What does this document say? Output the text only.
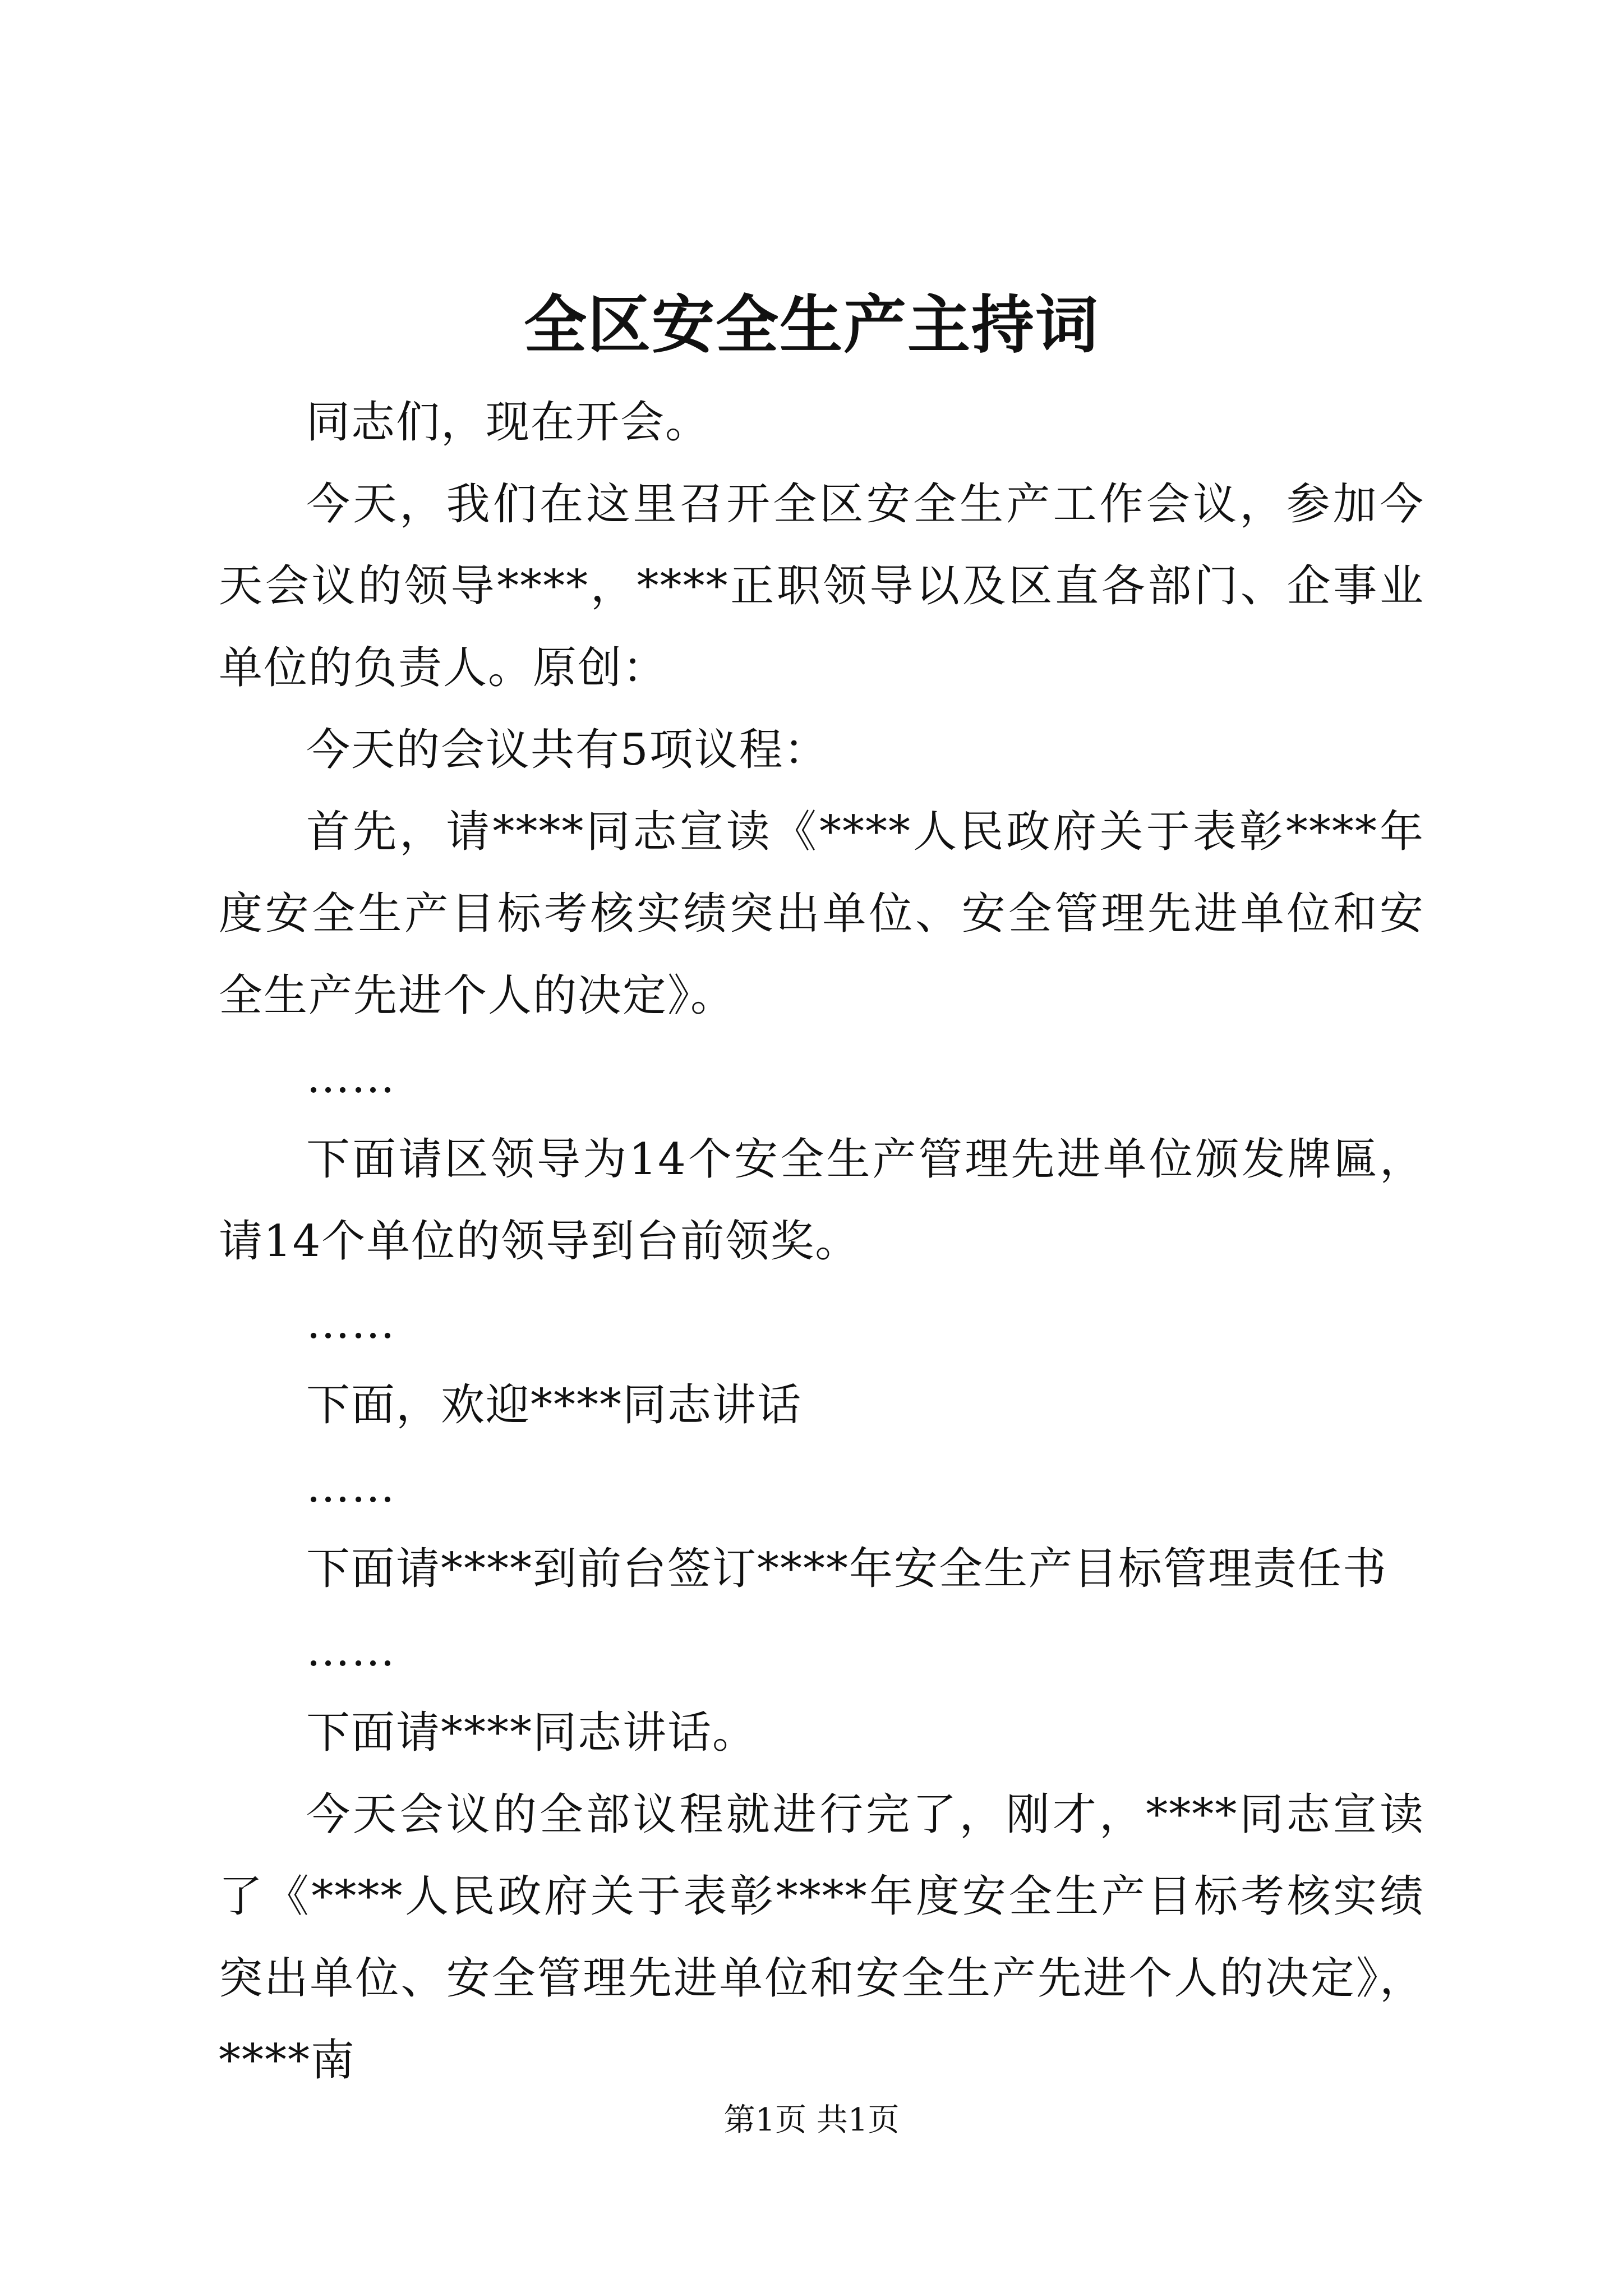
全区安全生产主持词

同志们，现在开会。

今天，我们在这里召开全区安全生产工作会议，参加今天会议的领导****，****正职领导以及区直各部门、企事业单位的负责人。原创：

今天的会议共有5项议程：

首先，请****同志宣读《****人民政府关于表彰****年度安全生产目标考核实绩突出单位、安全管理先进单位和安全生产先进个人的决定》。

……

下面请区领导为14个安全生产管理先进单位颁发牌匾，请14个单位的领导到台前领奖。

……

下面，欢迎****同志讲话

……

下面请****到前台签订****年安全生产目标管理责任书

……

下面请****同志讲话。

今天会议的全部议程就进行完了，刚才，****同志宣读了《****人民政府关于表彰****年度安全生产目标考核实绩突出单位、安全管理先进单位和安全生产先进个人的决定》，****南

第1页 共1页
